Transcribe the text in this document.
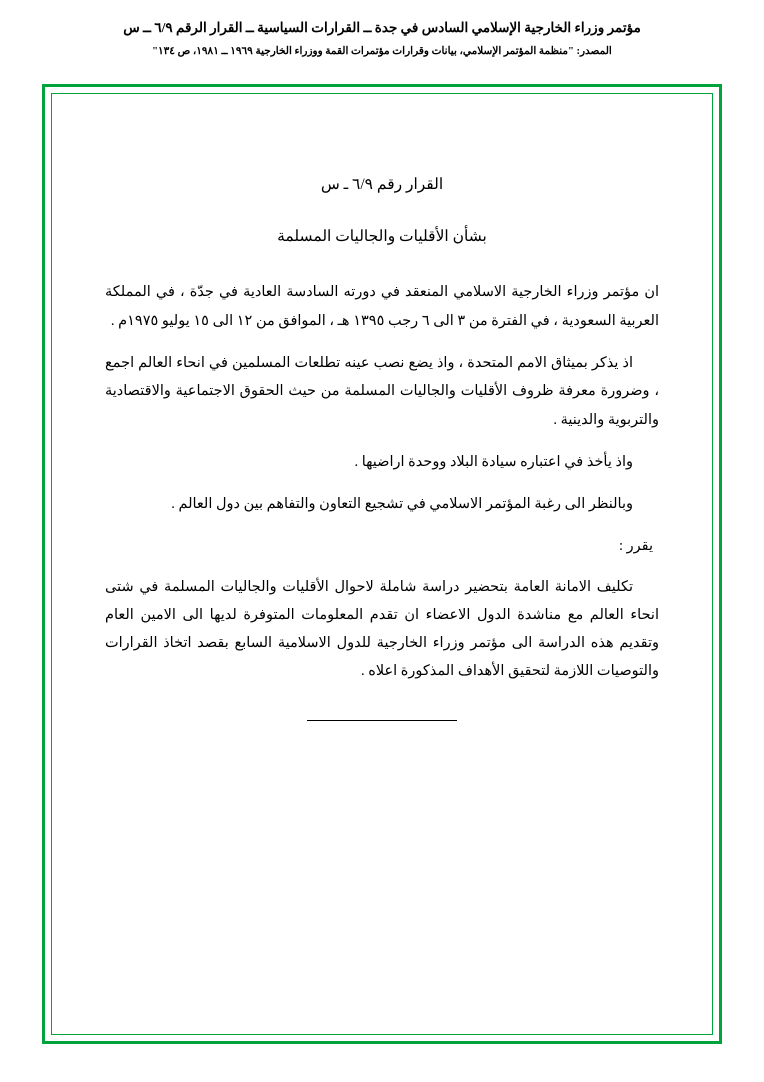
مؤتمر وزراء الخارجية الإسلامي السادس في جدة ــ القرارات السياسية ــ القرار الرقم ٦/٩ ــ س
المصدر: "منظمة المؤتمر الإسلامي، بيانات وقرارات مؤتمرات القمة ووزراء الخارجية ١٩٦٩ ــ ١٩٨١، ص ١٣٤"
القرار رقم ٦/٩ ـ س
بشأن الأقليات والجاليات المسلمة

ان مؤتمر وزراء الخارجية الاسلامي المنعقد في دورته السادسة العادية في جدّة ، في المملكة العربية السعودية ، في الفترة من ٣ الى ٦ رجب ١٣٩٥ هـ ، الموافق من ١٢ الى ١٥ يوليو ١٩٧٥م .

اذ يذكر بميثاق الامم المتحدة ، واذ يضع نصب عينه تطلعات المسلمين في انحاء العالم اجمع ، وضرورة معرفة ظروف الأقليات والجاليات المسلمة من حيث الحقوق الاجتماعية والاقتصادية والتربوية والدينية .

واذ يأخذ في اعتباره سيادة البلاد ووحدة اراضيها .

وبالنظر الى رغبة المؤتمر الاسلامي في تشجيع التعاون والتفاهم بين دول العالم .

يقرر :

تكليف الامانة العامة بتحضير دراسة شاملة لاحوال الأقليات والجاليات المسلمة في شتى انحاء العالم مع مناشدة الدول الاعضاء ان تقدم المعلومات المتوفرة لديها الى الامين العام وتقديم هذه الدراسة الى مؤتمر وزراء الخارجية للدول الاسلامية السابع بقصد اتخاذ القرارات والتوصيات اللازمة لتحقيق الأهداف المذكورة اعلاه .
